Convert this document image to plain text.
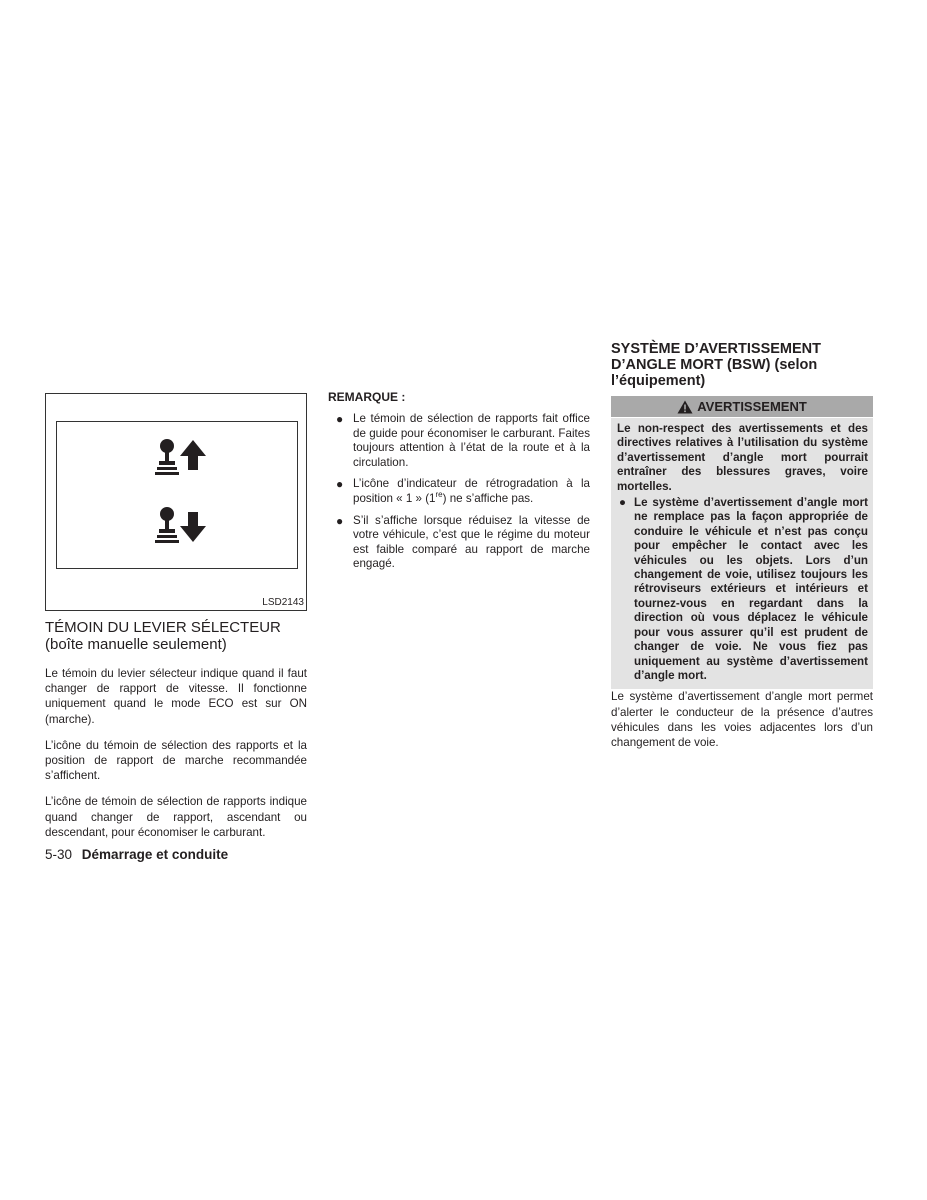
LSD2143
TÉMOIN DU LEVIER SÉLECTEUR
(boîte manuelle seulement)

Le témoin du levier sélecteur indique quand il faut changer de rapport de vitesse. Il fonctionne uniquement quand le mode ECO est sur ON (marche).

L’icône du témoin de sélection des rapports et la position de rapport de marche recommandée s’affichent.

L’icône de témoin de sélection de rapports indique quand changer de rapport, ascendant ou descendant, pour économiser le carburant.

REMARQUE :
● Le témoin de sélection de rapports fait office de guide pour économiser le carburant. Faites toujours attention à l’état de la route et à la circulation.
● L’icône d’indicateur de rétrogradation à la position « 1 » (1re) ne s’affiche pas.
● S’il s’affiche lorsque réduisez la vitesse de votre véhicule, c’est que le régime du moteur est faible comparé au rapport de marche engagé.
SYSTÈME D’AVERTISSEMENT
D’ANGLE MORT (BSW) (selon
l’équipement)
AVERTISSEMENT

Le non-respect des avertissements et des directives relatives à l’utilisation du système d’avertissement d’angle mort pourrait entraîner des blessures graves, voire mortelles.

● Le système d’avertissement d’angle mort ne remplace pas la façon appropriée de conduire le véhicule et n’est pas conçu pour empêcher le contact avec les véhicules ou les objets. Lors d’un changement de voie, utilisez toujours les rétroviseurs extérieurs et intérieurs et tournez-vous en regardant dans la direction où vous déplacez le véhicule pour vous assurer qu’il est prudent de changer de voie. Ne vous fiez pas uniquement au système d’avertissement d’angle mort.

Le système d’avertissement d’angle mort permet d’alerter le conducteur de la présence d’autres véhicules dans les voies adjacentes lors d’un changement de voie.

5-30 Démarrage et conduite
